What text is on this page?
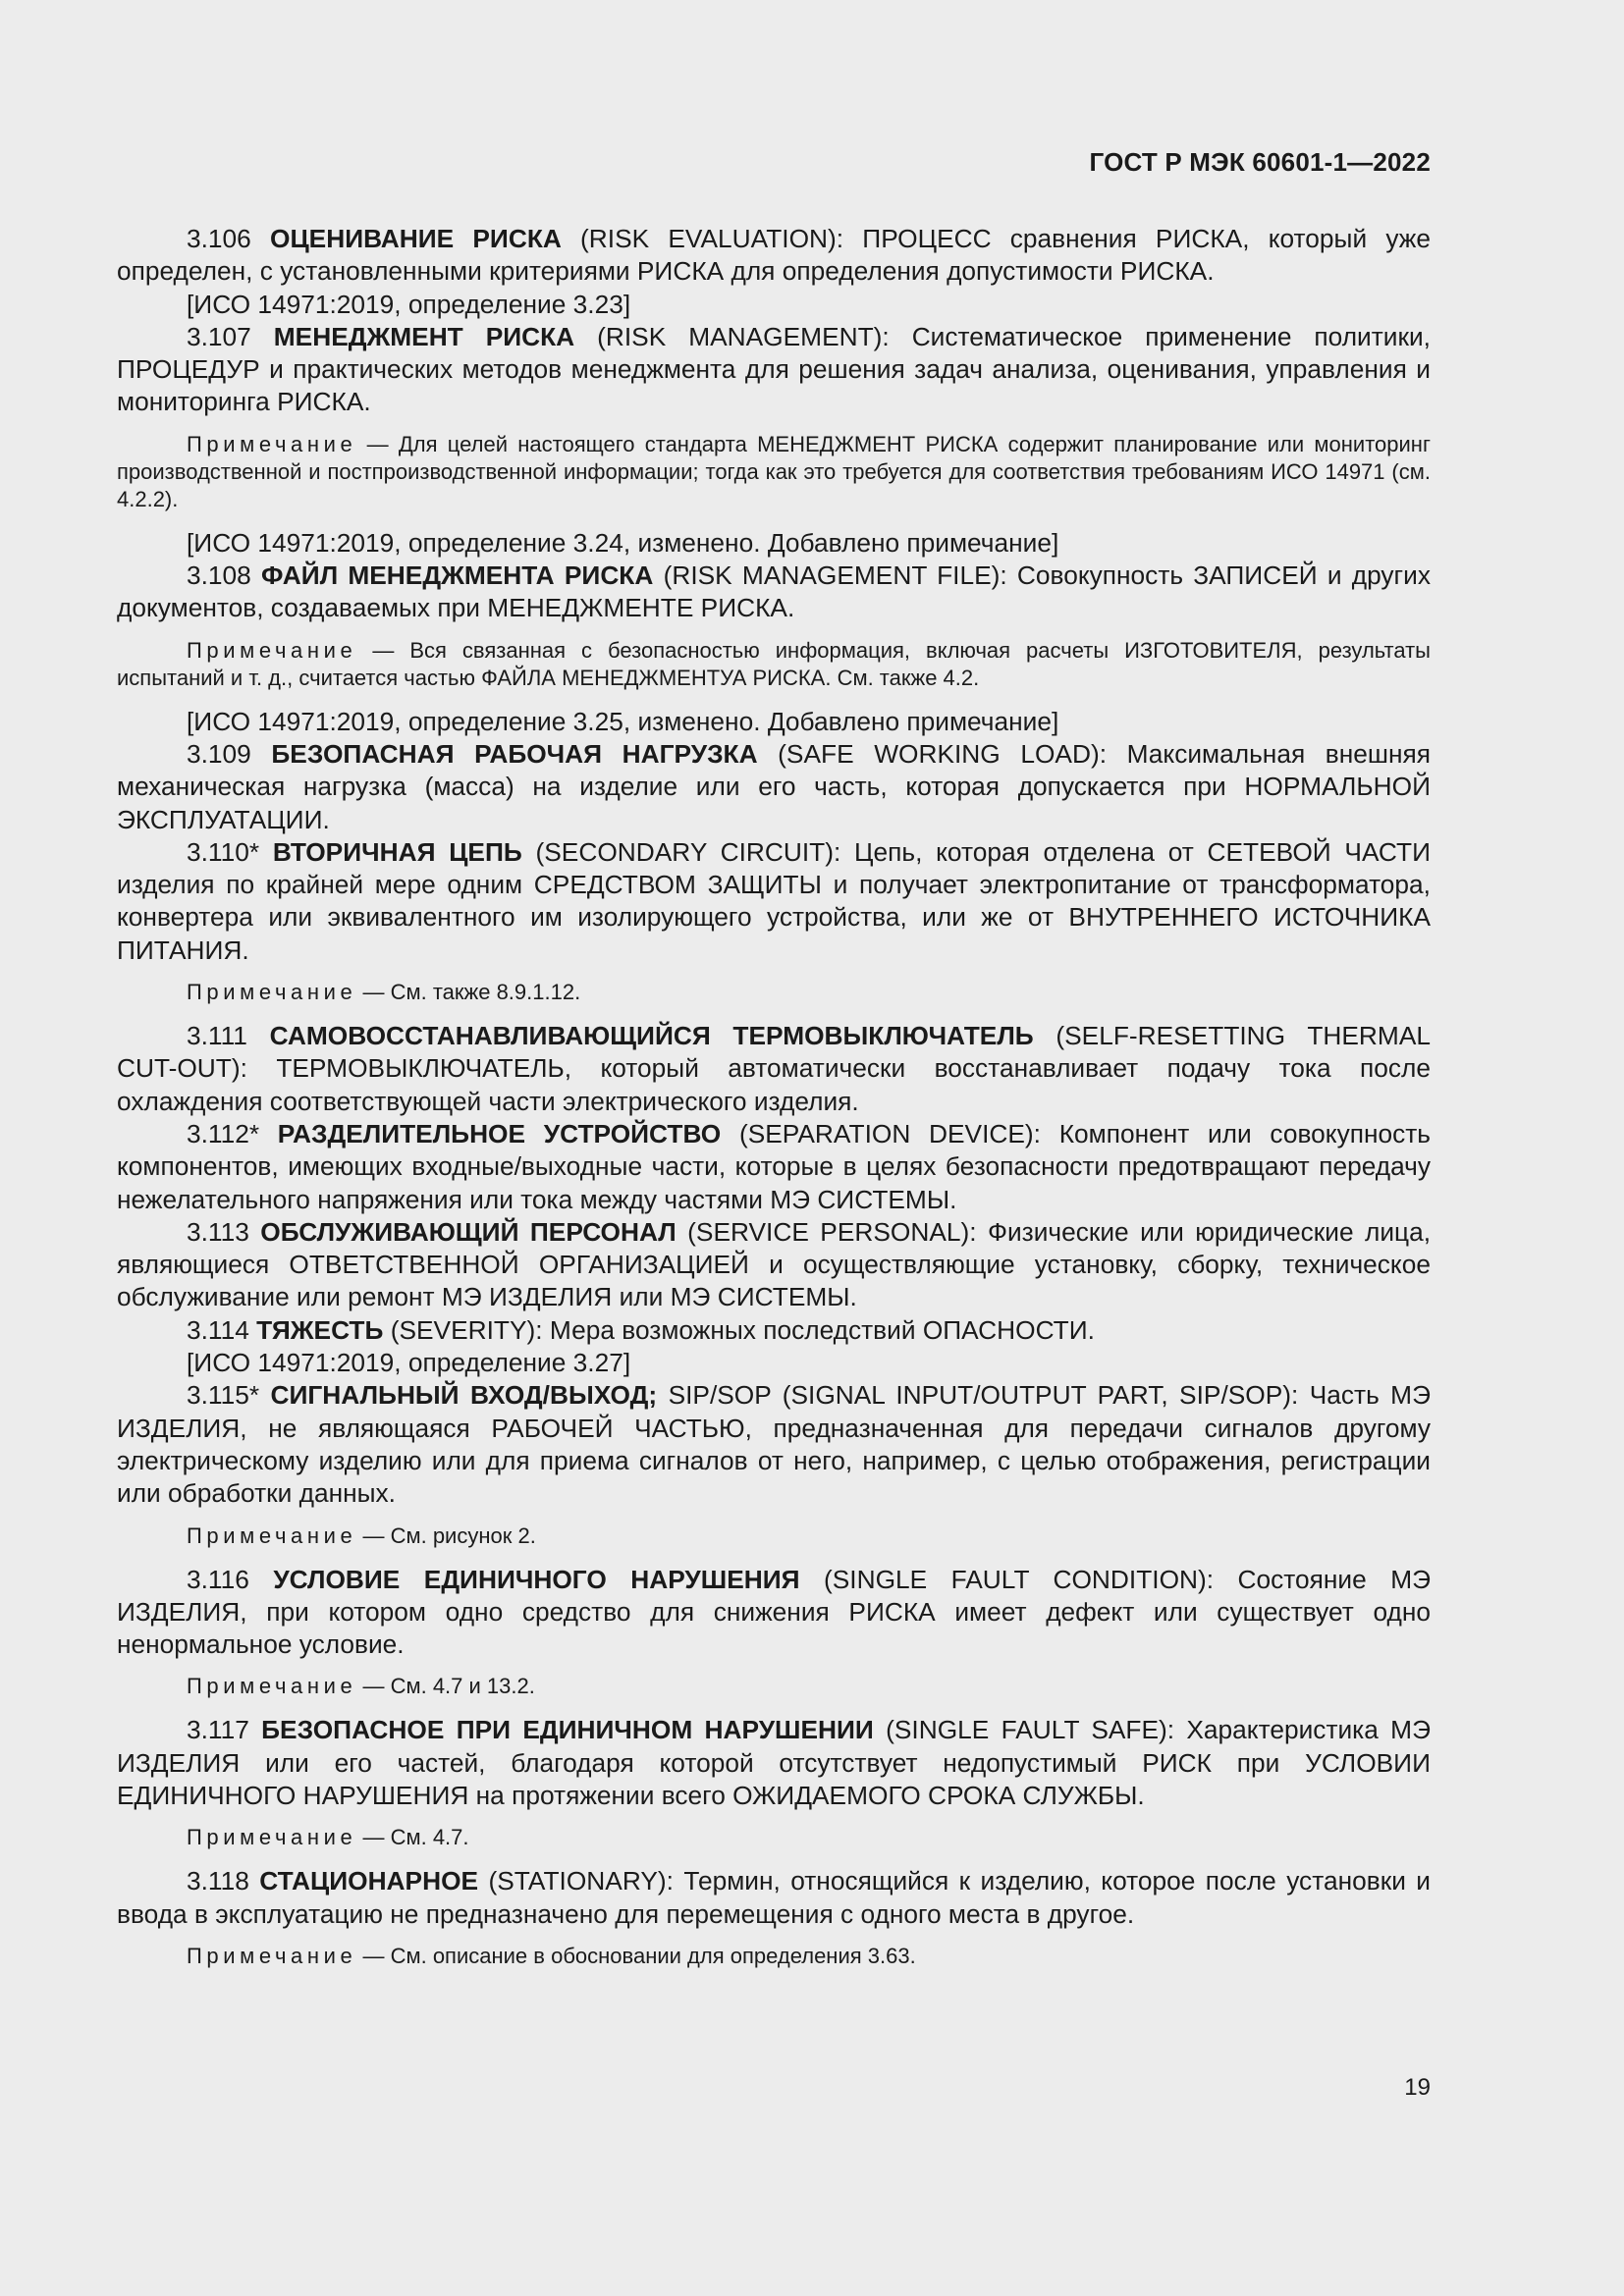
ГОСТ Р МЭК 60601-1—2022

3.106 ОЦЕНИВАНИЕ РИСКА (RISK EVALUATION): ПРОЦЕСС сравнения РИСКА, который уже определен, с установленными критериями РИСКА для определения допустимости РИСКА.

[ИСО 14971:2019, определение 3.23]

3.107 МЕНЕДЖМЕНТ РИСКА (RISK MANAGEMENT): Систематическое применение политики, ПРОЦЕДУР и практических методов менеджмента для решения задач анализа, оценивания, управления и мониторинга РИСКА.

Примечание — Для целей настоящего стандарта МЕНЕДЖМЕНТ РИСКА содержит планирование или мониторинг производственной и постпроизводственной информации; тогда как это требуется для соответствия требованиям ИСО 14971 (см. 4.2.2).

[ИСО 14971:2019, определение 3.24, изменено. Добавлено примечание]

3.108 ФАЙЛ МЕНЕДЖМЕНТА РИСКА (RISK MANAGEMENT FILE): Совокупность ЗАПИСЕЙ и других документов, создаваемых при МЕНЕДЖМЕНТЕ РИСКА.

Примечание — Вся связанная с безопасностью информация, включая расчеты ИЗГОТОВИТЕЛЯ, результаты испытаний и т. д., считается частью ФАЙЛА МЕНЕДЖМЕНТУА РИСКА. См. также 4.2.

[ИСО 14971:2019, определение 3.25, изменено. Добавлено примечание]

3.109 БЕЗОПАСНАЯ РАБОЧАЯ НАГРУЗКА (SAFE WORKING LOAD): Максимальная внешняя механическая нагрузка (масса) на изделие или его часть, которая допускается при НОРМАЛЬНОЙ ЭКСПЛУАТАЦИИ.

3.110* ВТОРИЧНАЯ ЦЕПЬ (SECONDARY CIRCUIT): Цепь, которая отделена от СЕТЕВОЙ ЧАСТИ изделия по крайней мере одним СРЕДСТВОМ ЗАЩИТЫ и получает электропитание от трансформатора, конвертера или эквивалентного им изолирующего устройства, или же от ВНУТРЕННЕГО ИСТОЧНИКА ПИТАНИЯ.

Примечание — См. также 8.9.1.12.

3.111 САМОВОССТАНАВЛИВАЮЩИЙСЯ ТЕРМОВЫКЛЮЧАТЕЛЬ (SELF-RESETTING THERMAL CUT-OUT): ТЕРМОВЫКЛЮЧАТЕЛЬ, который автоматически восстанавливает подачу тока после охлаждения соответствующей части электрического изделия.

3.112* РАЗДЕЛИТЕЛЬНОЕ УСТРОЙСТВО (SEPARATION DEVICE): Компонент или совокупность компонентов, имеющих входные/выходные части, которые в целях безопасности предотвращают передачу нежелательного напряжения или тока между частями МЭ СИСТЕМЫ.

3.113 ОБСЛУЖИВАЮЩИЙ ПЕРСОНАЛ (SERVICE PERSONAL): Физические или юридические лица, являющиеся ОТВЕТСТВЕННОЙ ОРГАНИЗАЦИЕЙ и осуществляющие установку, сборку, техническое обслуживание или ремонт МЭ ИЗДЕЛИЯ или МЭ СИСТЕМЫ.

3.114 ТЯЖЕСТЬ (SEVERITY): Мера возможных последствий ОПАСНОСТИ.

[ИСО 14971:2019, определение 3.27]

3.115* СИГНАЛЬНЫЙ ВХОД/ВЫХОД; SIP/SOP (SIGNAL INPUT/OUTPUT PART, SIP/SOP): Часть МЭ ИЗДЕЛИЯ, не являющаяся РАБОЧЕЙ ЧАСТЬЮ, предназначенная для передачи сигналов другому электрическому изделию или для приема сигналов от него, например, с целью отображения, регистрации или обработки данных.

Примечание — См. рисунок 2.

3.116 УСЛОВИЕ ЕДИНИЧНОГО НАРУШЕНИЯ (SINGLE FAULT CONDITION): Состояние МЭ ИЗДЕЛИЯ, при котором одно средство для снижения РИСКА имеет дефект или существует одно ненормальное условие.

Примечание — См. 4.7 и 13.2.

3.117 БЕЗОПАСНОЕ ПРИ ЕДИНИЧНОМ НАРУШЕНИИ (SINGLE FAULT SAFE): Характеристика МЭ ИЗДЕЛИЯ или его частей, благодаря которой отсутствует недопустимый РИСК при УСЛОВИИ ЕДИНИЧНОГО НАРУШЕНИЯ на протяжении всего ОЖИДАЕМОГО СРОКА СЛУЖБЫ.

Примечание — См. 4.7.

3.118 СТАЦИОНАРНОЕ (STATIONARY): Термин, относящийся к изделию, которое после установки и ввода в эксплуатацию не предназначено для перемещения с одного места в другое.

Примечание — См. описание в обосновании для определения 3.63.

19
